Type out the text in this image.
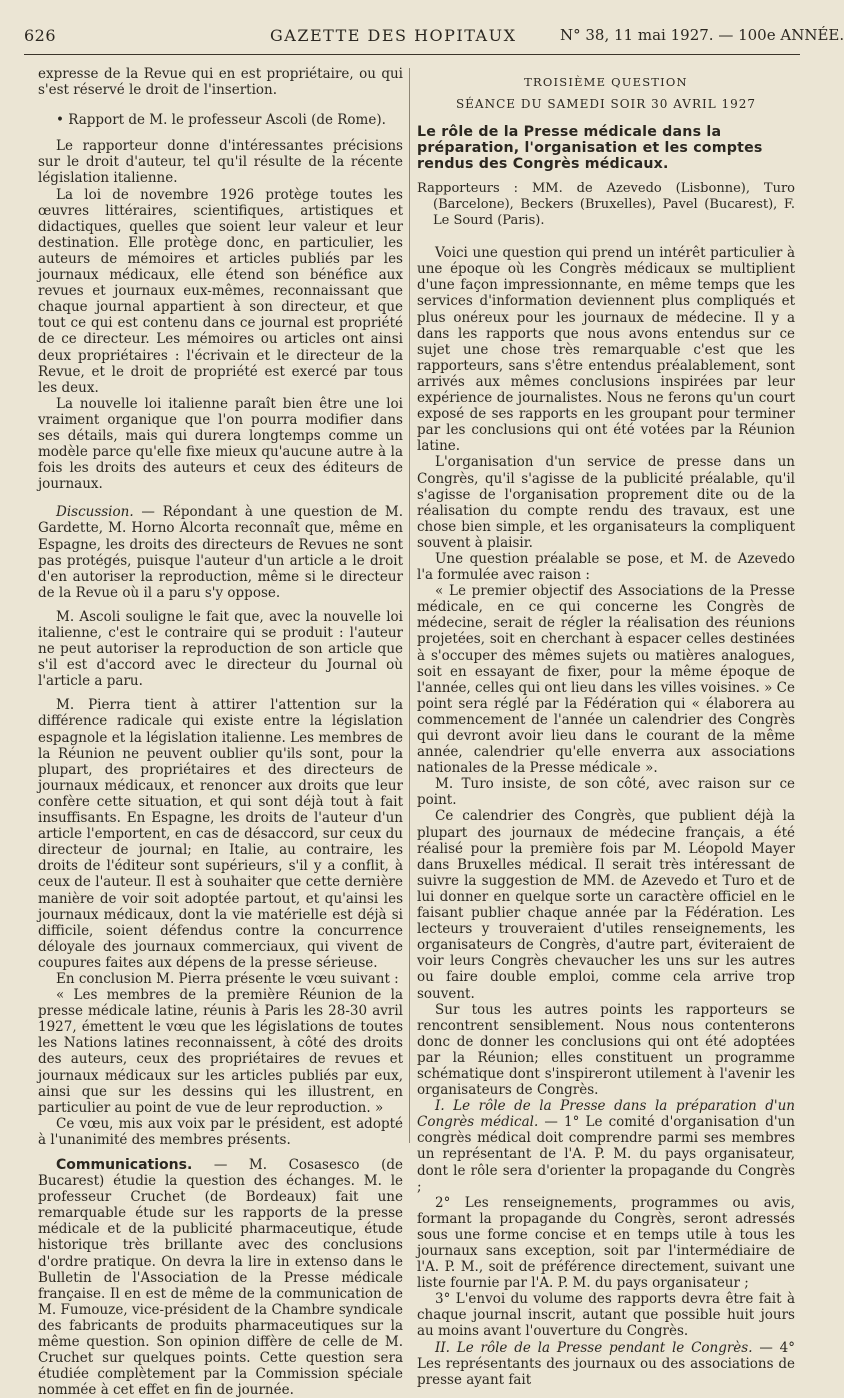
626	GAZETTE DES HOPITAUX	N° 38, 11 mai 1927. — 100e ANNÉE.

expresse de la Revue qui en est propriétaire, ou qui s'est réservé le droit de l'insertion.

• Rapport de M. le professeur Ascoli (de Rome).

Le rapporteur donne d'intéressantes précisions sur le droit d'auteur, tel qu'il résulte de la récente législation italienne.

La loi de novembre 1926 protège toutes les œuvres littéraires, scientifiques, artistiques et didactiques, quelles que soient leur valeur et leur destination. Elle protège donc, en particulier, les auteurs de mémoires et articles publiés par les journaux médicaux, elle étend son bénéfice aux revues et journaux eux-mêmes, reconnaissant que chaque journal appartient à son directeur, et que tout ce qui est contenu dans ce journal est propriété de ce directeur. Les mémoires ou articles ont ainsi deux propriétaires : l'écrivain et le directeur de la Revue, et le droit de propriété est exercé par tous les deux.

La nouvelle loi italienne paraît bien être une loi vraiment organique que l'on pourra modifier dans ses détails, mais qui durera longtemps comme un modèle parce qu'elle fixe mieux qu'aucune autre à la fois les droits des auteurs et ceux des éditeurs de journaux.

Discussion. — Répondant à une question de M. Gardette, M. Horno Alcorta reconnaît que, même en Espagne, les droits des directeurs de Revues ne sont pas protégés, puisque l'auteur d'un article a le droit d'en autoriser la reproduction, même si le directeur de la Revue où il a paru s'y oppose.

M. Ascoli souligne le fait que, avec la nouvelle loi italienne, c'est le contraire qui se produit : l'auteur ne peut autoriser la reproduction de son article que s'il est d'accord avec le directeur du Journal où l'article a paru.

M. Pierra tient à attirer l'attention sur la différence radicale qui existe entre la législation espagnole et la législation italienne. Les membres de la Réunion ne peuvent oublier qu'ils sont, pour la plupart, des propriétaires et des directeurs de journaux médicaux, et renoncer aux droits que leur confère cette situation, et qui sont déjà tout à fait insuffisants. En Espagne, les droits de l'auteur d'un article l'emportent, en cas de désaccord, sur ceux du directeur de journal; en Italie, au contraire, les droits de l'éditeur sont supérieurs, s'il y a conflit, à ceux de l'auteur. Il est à souhaiter que cette dernière manière de voir soit adoptée partout, et qu'ainsi les journaux médicaux, dont la vie matérielle est déjà si difficile, soient défendus contre la concurrence déloyale des journaux commerciaux, qui vivent de coupures faites aux dépens de la presse sérieuse.

En conclusion M. Pierra présente le vœu suivant :

« Les membres de la première Réunion de la presse médicale latine, réunis à Paris les 28-30 avril 1927, émettent le vœu que les législations de toutes les Nations latines reconnaissent, à côté des droits des auteurs, ceux des propriétaires de revues et journaux médicaux sur les articles publiés par eux, ainsi que sur les dessins qui les illustrent, en particulier au point de vue de leur reproduction. »

Ce vœu, mis aux voix par le président, est adopté à l'unanimité des membres présents.

Communications. — M. Cosasesco (de Bucarest) étudie la question des échanges. M. le professeur Cruchet (de Bordeaux) fait une remarquable étude sur les rapports de la presse médicale et de la publicité pharmaceutique, étude historique très brillante avec des conclusions d'ordre pratique. On devra la lire in extenso dans le Bulletin de l'Association de la Presse médicale française. Il en est de même de la communication de M. Fumouze, vice-président de la Chambre syndicale des fabricants de produits pharmaceutiques sur la même question. Son opinion diffère de celle de M. Cruchet sur quelques points. Cette question sera étudiée complètement par la Commission spéciale nommée à cet effet en fin de journée.

TROISIÈME QUESTION

SÉANCE DU SAMEDI SOIR 30 AVRIL 1927

Le rôle de la Presse médicale dans la préparation, l'organisation et les comptes rendus des Congrès médicaux.

Rapporteurs : MM. de Azevedo (Lisbonne), Turo (Barcelone), Beckers (Bruxelles), Pavel (Bucarest), F. Le Sourd (Paris).

Voici une question qui prend un intérêt particulier à une époque où les Congrès médicaux se multiplient d'une façon impressionnante, en même temps que les services d'information deviennent plus compliqués et plus onéreux pour les journaux de médecine. Il y a dans les rapports que nous avons entendus sur ce sujet une chose très remarquable c'est que les rapporteurs, sans s'être entendus préalablement, sont arrivés aux mêmes conclusions inspirées par leur expérience de journalistes. Nous ne ferons qu'un court exposé de ses rapports en les groupant pour terminer par les conclusions qui ont été votées par la Réunion latine.

L'organisation d'un service de presse dans un Congrès, qu'il s'agisse de la publicité préalable, qu'il s'agisse de l'organisation proprement dite ou de la réalisation du compte rendu des travaux, est une chose bien simple, et les organisateurs la compliquent souvent à plaisir.

Une question préalable se pose, et M. de Azevedo l'a formulée avec raison :

« Le premier objectif des Associations de la Presse médicale, en ce qui concerne les Congrès de médecine, serait de régler la réalisation des réunions projetées, soit en cherchant à espacer celles destinées à s'occuper des mêmes sujets ou matières analogues, soit en essayant de fixer, pour la même époque de l'année, celles qui ont lieu dans les villes voisines. » Ce point sera réglé par la Fédération qui « élaborera au commencement de l'année un calendrier des Congrès qui devront avoir lieu dans le courant de la même année, calendrier qu'elle enverra aux associations nationales de la Presse médicale ».

M. Turo insiste, de son côté, avec raison sur ce point.

Ce calendrier des Congrès, que publient déjà la plupart des journaux de médecine français, a été réalisé pour la première fois par M. Léopold Mayer dans Bruxelles médical. Il serait très intéressant de suivre la suggestion de MM. de Azevedo et Turo et de lui donner en quelque sorte un caractère officiel en le faisant publier chaque année par la Fédération. Les lecteurs y trouveraient d'utiles renseignements, les organisateurs de Congrès, d'autre part, éviteraient de voir leurs Congrès chevaucher les uns sur les autres ou faire double emploi, comme cela arrive trop souvent.

Sur tous les autres points les rapporteurs se rencontrent sensiblement. Nous nous contenterons donc de donner les conclusions qui ont été adoptées par la Réunion; elles constituent un programme schématique dont s'inspireront utilement à l'avenir les organisateurs de Congrès.

I. Le rôle de la Presse dans la préparation d'un Congrès médical. — 1° Le comité d'organisation d'un congrès médical doit comprendre parmi ses membres un représentant de l'A. P. M. du pays organisateur, dont le rôle sera d'orienter la propagande du Congrès ;

2° Les renseignements, programmes ou avis, formant la propagande du Congrès, seront adressés sous une forme concise et en temps utile à tous les journaux sans exception, soit par l'intermédiaire de l'A. P. M., soit de préférence directement, suivant une liste fournie par l'A. P. M. du pays organisateur ;

3° L'envoi du volume des rapports devra être fait à chaque journal inscrit, autant que possible huit jours au moins avant l'ouverture du Congrès.

II. Le rôle de la Presse pendant le Congrès. — 4° Les représentants des journaux ou des associations de presse ayant fait
